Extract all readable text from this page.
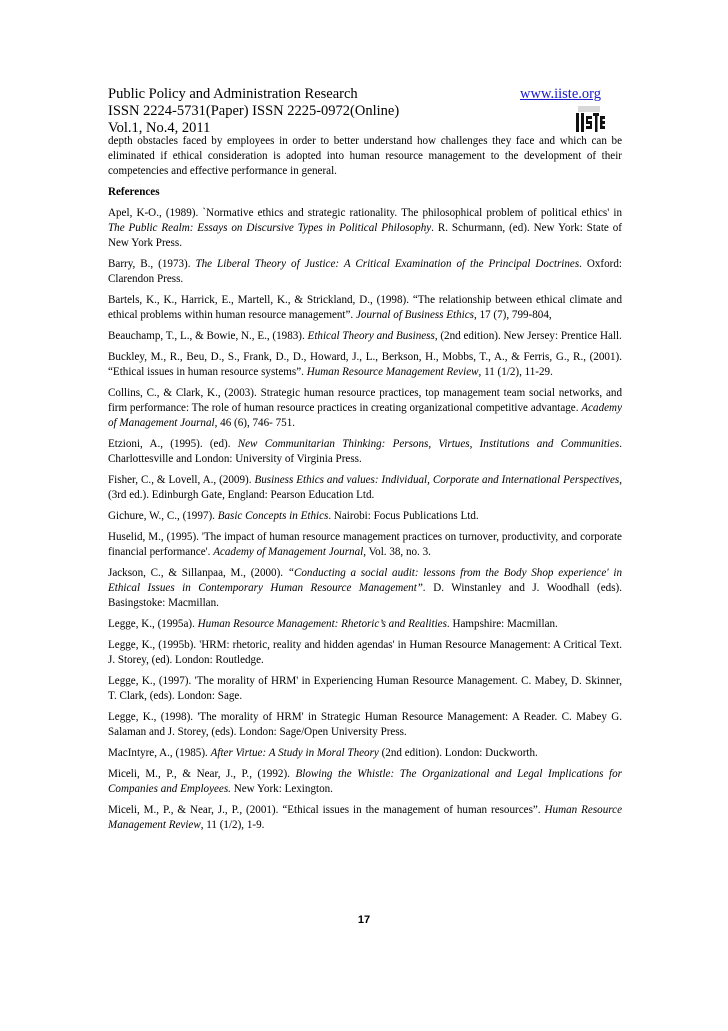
Public Policy and Administration Research	www.iiste.org
ISSN 2224-5731(Paper) ISSN 2225-0972(Online)
Vol.1, No.4, 2011

depth obstacles faced by employees in order to better understand how challenges they face and which can be eliminated if ethical consideration is adopted into human resource management to the development of their competencies and effective performance in general.

References

Apel, K-O., (1989). `Normative ethics and strategic rationality. The philosophical problem of political ethics' in The Public Realm: Essays on Discursive Types in Political Philosophy. R. Schurmann, (ed). New York: State of New York Press.

Barry, B., (1973). The Liberal Theory of Justice: A Critical Examination of the Principal Doctrines. Oxford: Clarendon Press.

Bartels, K., K., Harrick, E., Martell, K., & Strickland, D., (1998). “The relationship between ethical climate and ethical problems within human resource management”. Journal of Business Ethics, 17 (7), 799-804,

Beauchamp, T., L., & Bowie, N., E., (1983). Ethical Theory and Business, (2nd edition). New Jersey: Prentice Hall.

Buckley, M., R., Beu, D., S., Frank, D., D., Howard, J., L., Berkson, H., Mobbs, T., A., & Ferris, G., R., (2001). “Ethical issues in human resource systems”. Human Resource Management Review, 11 (1/2), 11-29.

Collins, C., & Clark, K., (2003). Strategic human resource practices, top management team social networks, and firm performance: The role of human resource practices in creating organizational competitive advantage. Academy of Management Journal, 46 (6), 746- 751.

Etzioni, A., (1995). (ed). New Communitarian Thinking: Persons, Virtues, Institutions and Communities. Charlottesville and London: University of Virginia Press.

Fisher, C., & Lovell, A., (2009). Business Ethics and values: Individual, Corporate and International Perspectives, (3rd ed.). Edinburgh Gate, England: Pearson Education Ltd.

Gichure, W., C., (1997). Basic Concepts in Ethics. Nairobi: Focus Publications Ltd.

Huselid, M., (1995). 'The impact of human resource management practices on turnover, productivity, and corporate financial performance'. Academy of Management Journal, Vol. 38, no. 3.

Jackson, C., & Sillanpaa, M., (2000). “Conducting a social audit: lessons from the Body Shop experience' in Ethical Issues in Contemporary Human Resource Management”. D. Winstanley and J. Woodhall (eds). Basingstoke: Macmillan.

Legge, K., (1995a). Human Resource Management: Rhetoric’s and Realities. Hampshire: Macmillan.

Legge, K., (1995b). 'HRM: rhetoric, reality and hidden agendas' in Human Resource Management: A Critical Text. J. Storey, (ed). London: Routledge.

Legge, K., (1997). 'The morality of HRM' in Experiencing Human Resource Management. C. Mabey, D. Skinner, T. Clark, (eds). London: Sage.

Legge, K., (1998). 'The morality of HRM' in Strategic Human Resource Management: A Reader. C. Mabey G. Salaman and J. Storey, (eds). London: Sage/Open University Press.

MacIntyre, A., (1985). After Virtue: A Study in Moral Theory (2nd edition). London: Duckworth.

Miceli, M., P., & Near, J., P., (1992). Blowing the Whistle: The Organizational and Legal Implications for Companies and Employees. New York: Lexington.

Miceli, M., P., & Near, J., P., (2001). “Ethical issues in the management of human resources”. Human Resource Management Review, 11 (1/2), 1-9.

17
